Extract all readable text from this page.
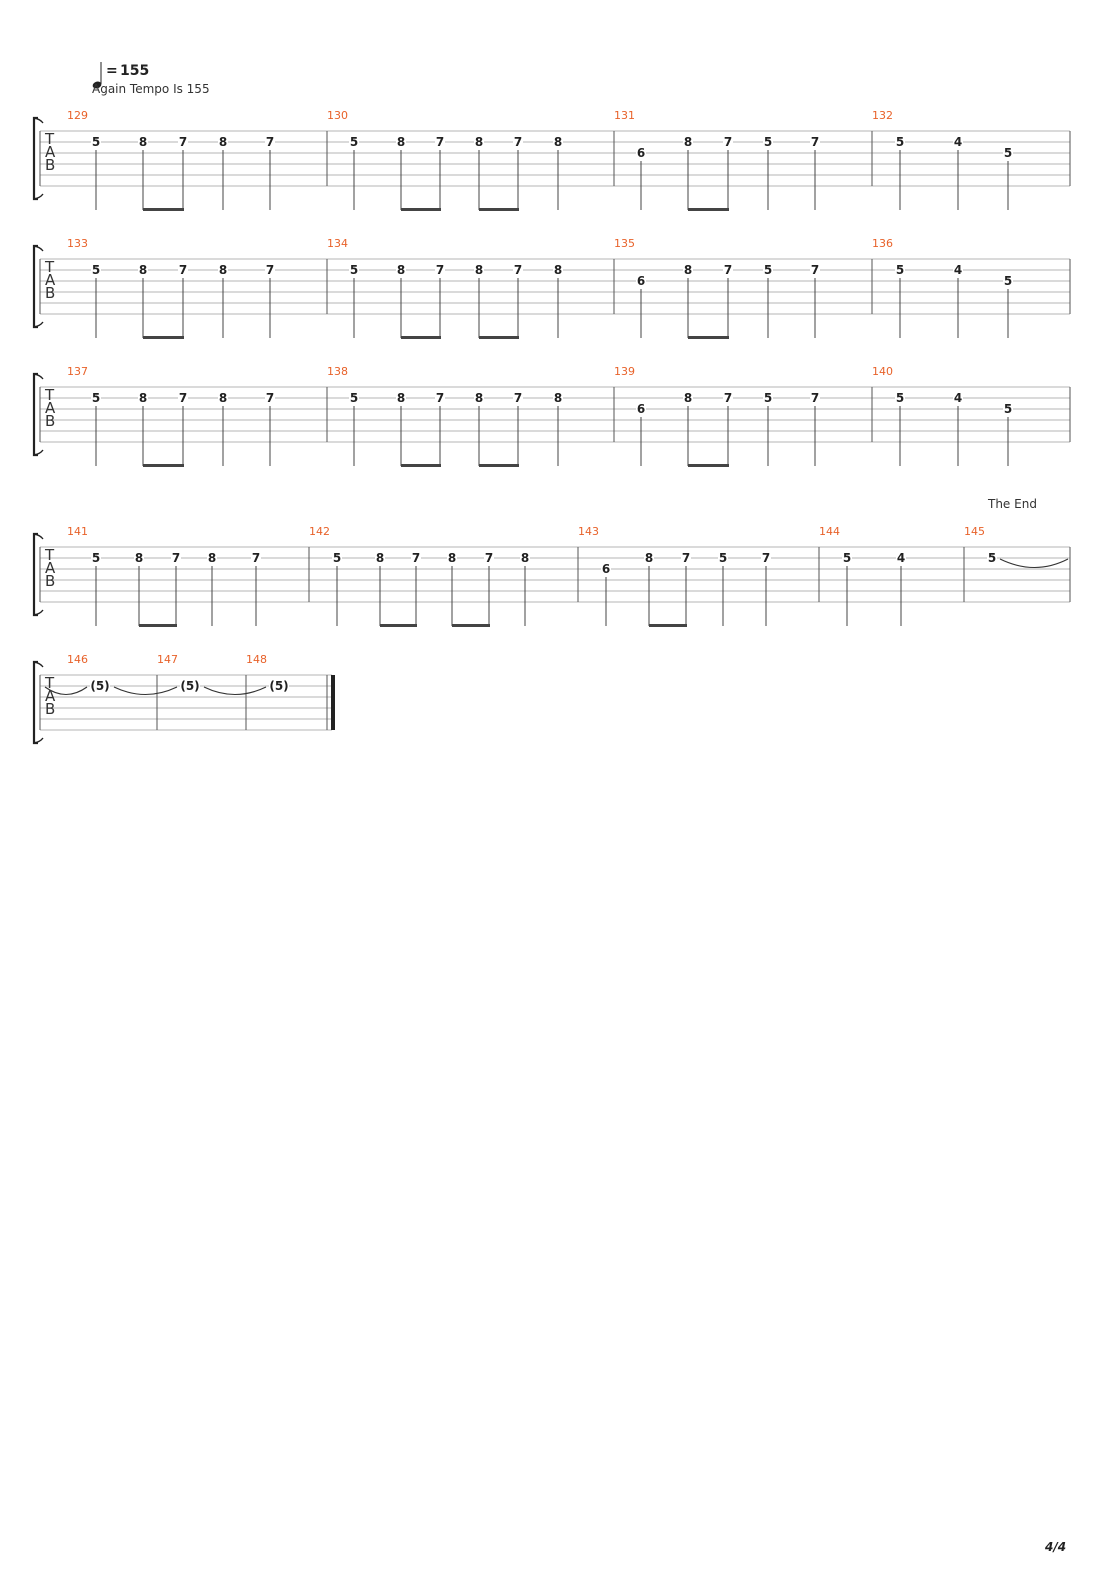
= 155
Again Tempo Is 155
The End
T
A
B
129
5	8	7	8	7
130
5	8	7	8	7	8
131
6
8	7	5	7
132
5	4
5
T
A
B
133
5	8	7	8	7
134
5	8	7	8	7	8
135
6
8	7	5	7
136
5	4
5
T
A
B
137
5	8	7	8	7
138
5	8	7	8	7	8
139
6
8	7	5	7
140
5	4
5
T
A
B
141
5	8 7 8	7
142
5	8 7 8 7 8
143
6
8 7 5	7
144
5	4
145
5
T
A
B
146
(5)
147
(5)
148
(5)
4/4
